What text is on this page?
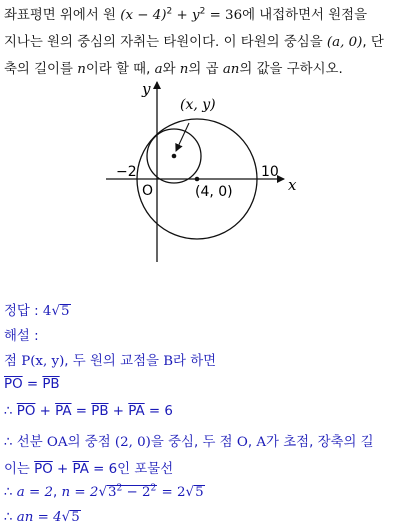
좌표평면 위에서 원 $(x - 4)^2 + y^2 = 36$에 내접하면서 원점을

지나는 원의 중심의 자취는 타원이다. 이 타원의 중심을 (a, 0), 단

축의 길이를 n이라 할 때, a와 n의 곱 an의 값을 구하시오.

y
x
(x, y)
−2
O
10
(4, 0)
정답 : 4√5
해설 :
점 P(x, y), 두 원의 교점을 B라 하면
$\overline{PO} = \overline{PB}$
∴ $\overline{PO} + \overline{PA} = \overline{PB} + \overline{PA} = 6$
∴ 선분 OA의 중점 (2, 0)을 중심, 두 점 O, A가 초점, 장축의 길
이는 $\overline{PO} + \overline{PA} = 6$인 포물선
∴ a = 2, $n = 2√3^2 - 2^2 = 2√5$
∴ an = 4√5
